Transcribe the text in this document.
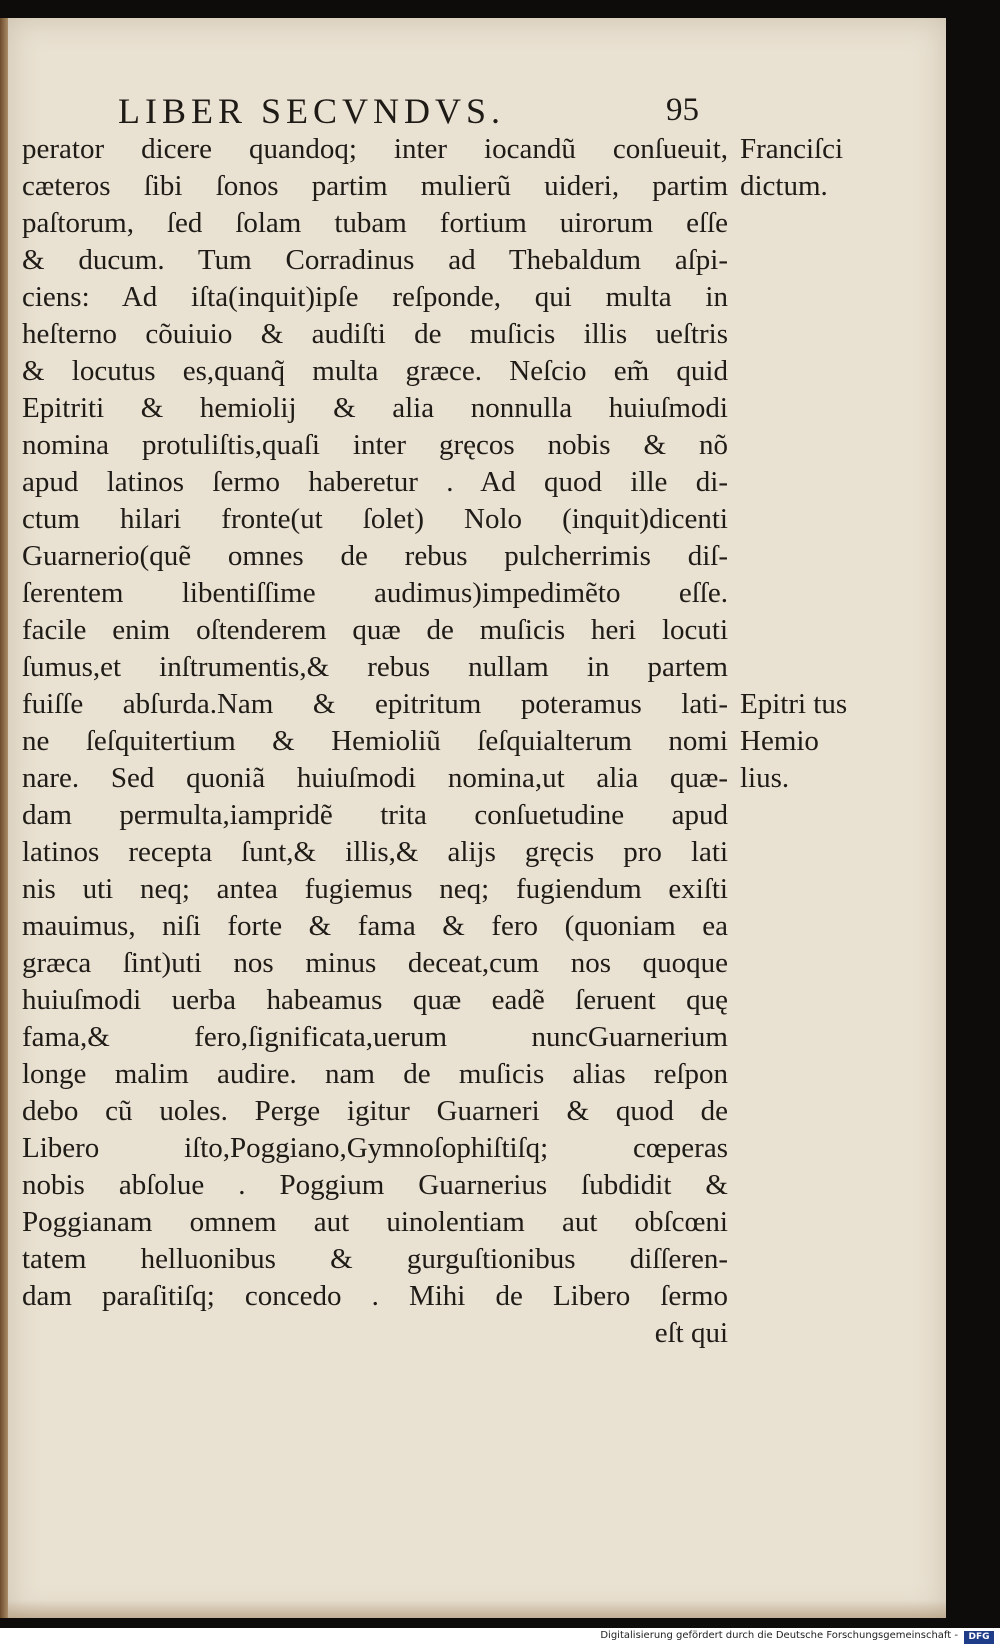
LIBER SECVNDVS.	95
perator dicere quandoq; inter iocandũ conſueuit,
cæteros ſibi ſonos partim mulierũ uideri, partim
paſtorum, ſed ſolam tubam fortium uirorum eſſe
& ducum. Tum Corradinus ad Thebaldum aſpi-
ciens: Ad iſta(inquit)ipſe reſponde, qui multa in
heſterno cõuiuio & audiſti de muſicis illis ueſtris
& locutus es,quanq̃ multa græce. Neſcio em̃ quid
Epitriti & hemiolij & alia nonnulla huiuſmodi
nomina protuliſtis,quaſi inter gręcos nobis & nõ
apud latinos ſermo haberetur . Ad quod ille di-
ctum hilari fronte(ut ſolet) Nolo (inquit)dicenti
Guarnerio(quẽ omnes de rebus pulcherrimis diſ-
ſerentem libentiſſime audimus)impedimẽto eſſe.
facile enim oſtenderem quæ de muſicis heri locuti
ſumus,et inſtrumentis,& rebus nullam in partem
fuiſſe abſurda.Nam & epitritum poteramus lati-
ne ſeſquitertium & Hemioliũ ſeſquialterum nomi
nare. Sed quoniã huiuſmodi nomina,ut alia quæ-
dam permulta,iampridẽ trita conſuetudine apud
latinos recepta ſunt,& illis,& alijs gręcis pro lati
nis uti neq; antea fugiemus neq; fugiendum exiſti
mauimus, niſi forte & fama & fero (quoniam ea
græca ſint)uti nos minus deceat,cum nos quoque
huiuſmodi uerba habeamus quæ eadẽ ſeruent quę
fama,& fero,ſignificata,uerum nuncGuarnerium
longe malim audire. nam de muſicis alias reſpon
debo cũ uoles. Perge igitur Guarneri & quod de
Libero iſto,Poggiano,Gymnoſophiſtiſq; cœperas
nobis abſolue . Poggium Guarnerius ſubdidit &
Poggianam omnem aut uinolentiam aut obſcœni
tatem helluonibus & gurguſtionibus diſſeren-
dam paraſitiſq; concedo . Mihi de Libero ſermo
eſt qui
Franciſci
dictum.
Epitri tus
Hemio
lius.
Digitalisierung gefördert durch die Deutsche Forschungsgemeinschaft -	DFG
